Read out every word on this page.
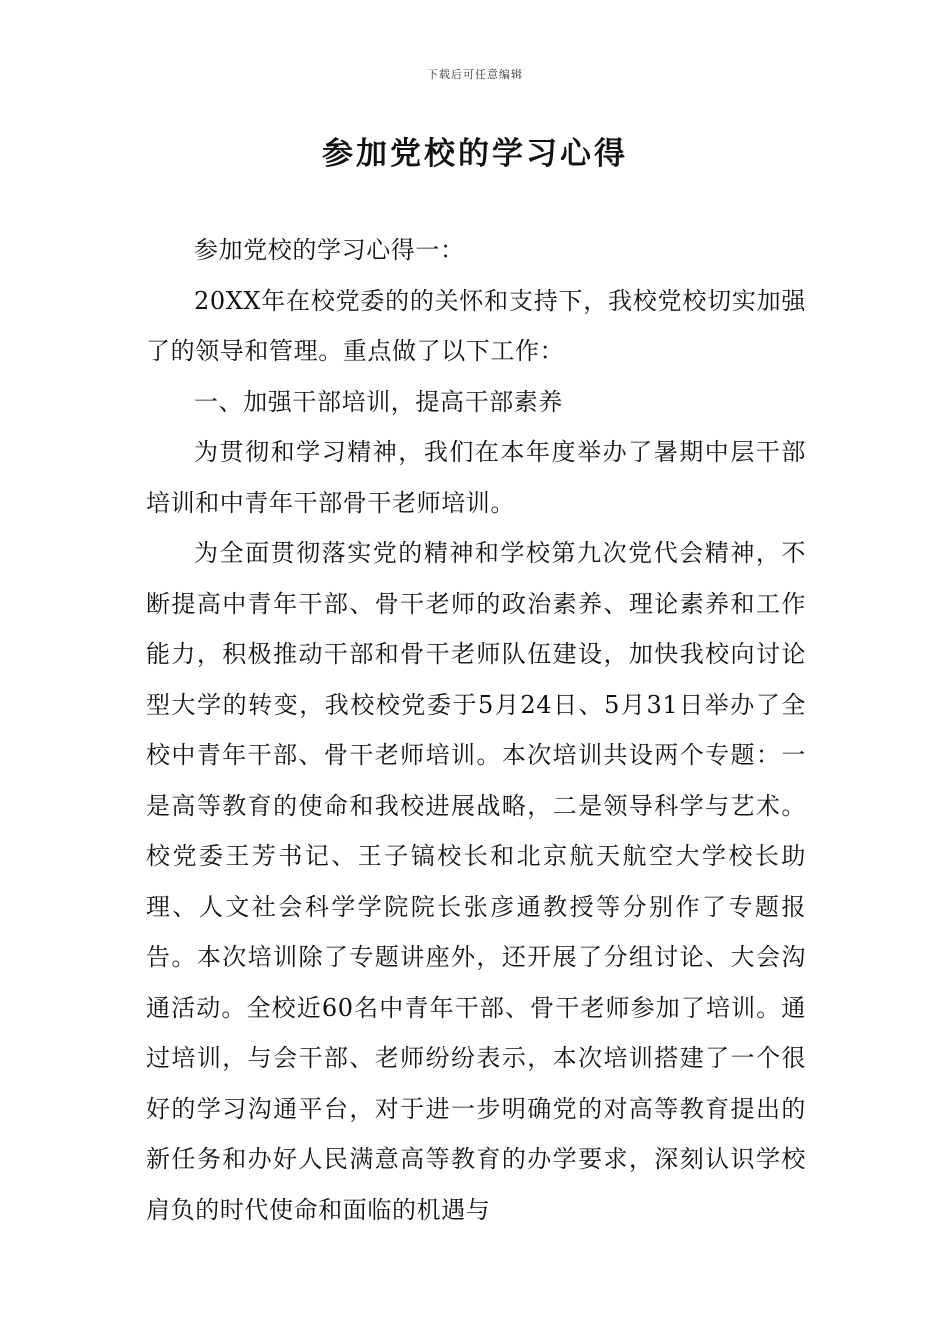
下载后可任意编辑
参加党校的学习心得

参加党校的学习心得一：

20XX年在校党委的的关怀和支持下，我校党校切实加强了的领导和管理。重点做了以下工作：

一、加强干部培训，提高干部素养

为贯彻和学习精神，我们在本年度举办了暑期中层干部培训和中青年干部骨干老师培训。

为全面贯彻落实党的精神和学校第九次党代会精神，不断提高中青年干部、骨干老师的政治素养、理论素养和工作能力，积极推动干部和骨干老师队伍建设，加快我校向讨论型大学的转变，我校校党委于5月24日、5月31日举办了全校中青年干部、骨干老师培训。本次培训共设两个专题：一是高等教育的使命和我校进展战略，二是领导科学与艺术。校党委王芳书记、王子镐校长和北京航天航空大学校长助理、人文社会科学学院院长张彦通教授等分别作了专题报告。本次培训除了专题讲座外，还开展了分组讨论、大会沟通活动。全校近60名中青年干部、骨干老师参加了培训。通过培训，与会干部、老师纷纷表示，本次培训搭建了一个很好的学习沟通平台，对于进一步明确党的对高等教育提出的新任务和办好人民满意高等教育的办学要求，深刻认识学校肩负的时代使命和面临的机遇与
